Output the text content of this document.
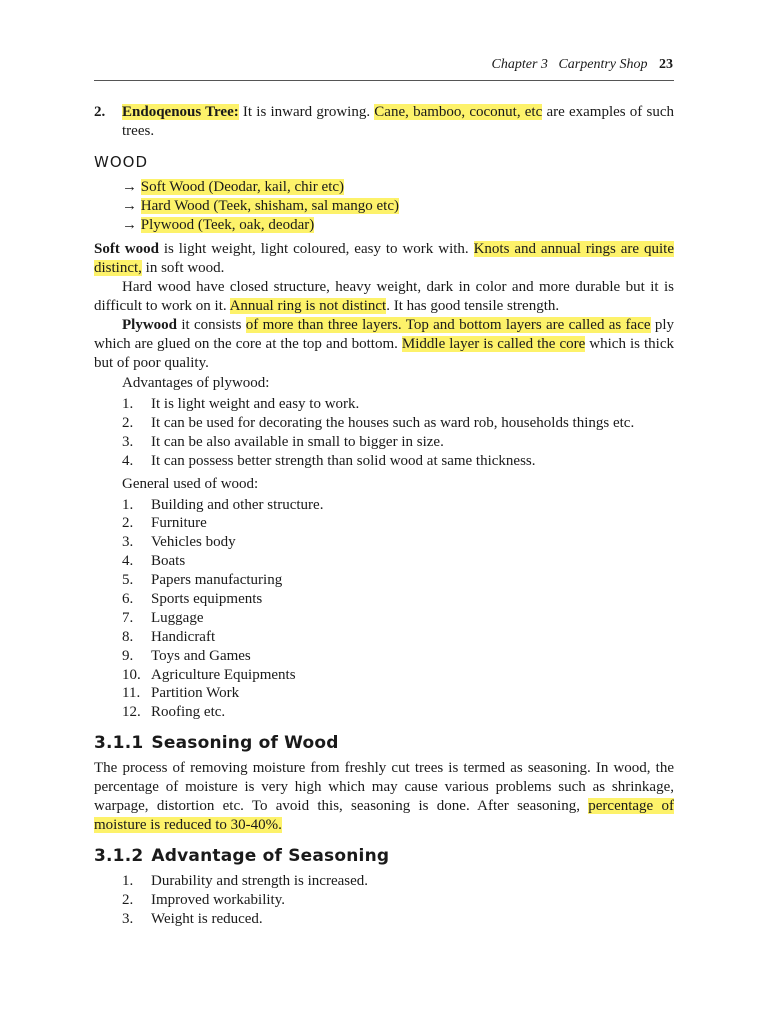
Chapter 3 Carpentry Shop 23
2.	Endoqenous Tree: It is inward growing. Cane, bamboo, coconut, etc are examples of such trees.

WOOD
→ Soft Wood (Deodar, kail, chir etc)
→ Hard Wood (Teek, shisham, sal mango etc)
→ Plywood (Teek, oak, deodar)

Soft wood is light weight, light coloured, easy to work with. Knots and annual rings are quite distinct, in soft wood.

Hard wood have closed structure, heavy weight, dark in color and more durable but it is difficult to work on it. Annual ring is not distinct. It has good tensile strength.

Plywood it consists of more than three layers. Top and bottom layers are called as face ply which are glued on the core at the top and bottom. Middle layer is called the core which is thick but of poor quality.

Advantages of plywood:
1.	It is light weight and easy to work.
2.	It can be used for decorating the houses such as ward rob, households things etc.
3.	It can be also available in small to bigger in size.
4.	It can possess better strength than solid wood at same thickness.
General used of wood:
1.	Building and other structure.
2.	Furniture
3.	Vehicles body
4.	Boats
5.	Papers manufacturing
6.	Sports equipments
7.	Luggage
8.	Handicraft
9.	Toys and Games
10. Agriculture Equipments
11. Partition Work
12. Roofing etc.
3.1.1 Seasoning of Wood

The process of removing moisture from freshly cut trees is termed as seasoning. In wood, the percentage of moisture is very high which may cause various problems such as shrinkage, warpage, distortion etc. To avoid this, seasoning is done. After seasoning, percentage of moisture is reduced to 30-40%.

3.1.2 Advantage of Seasoning
1.	Durability and strength is increased.
2.	Improved workability.
3.	Weight is reduced.
